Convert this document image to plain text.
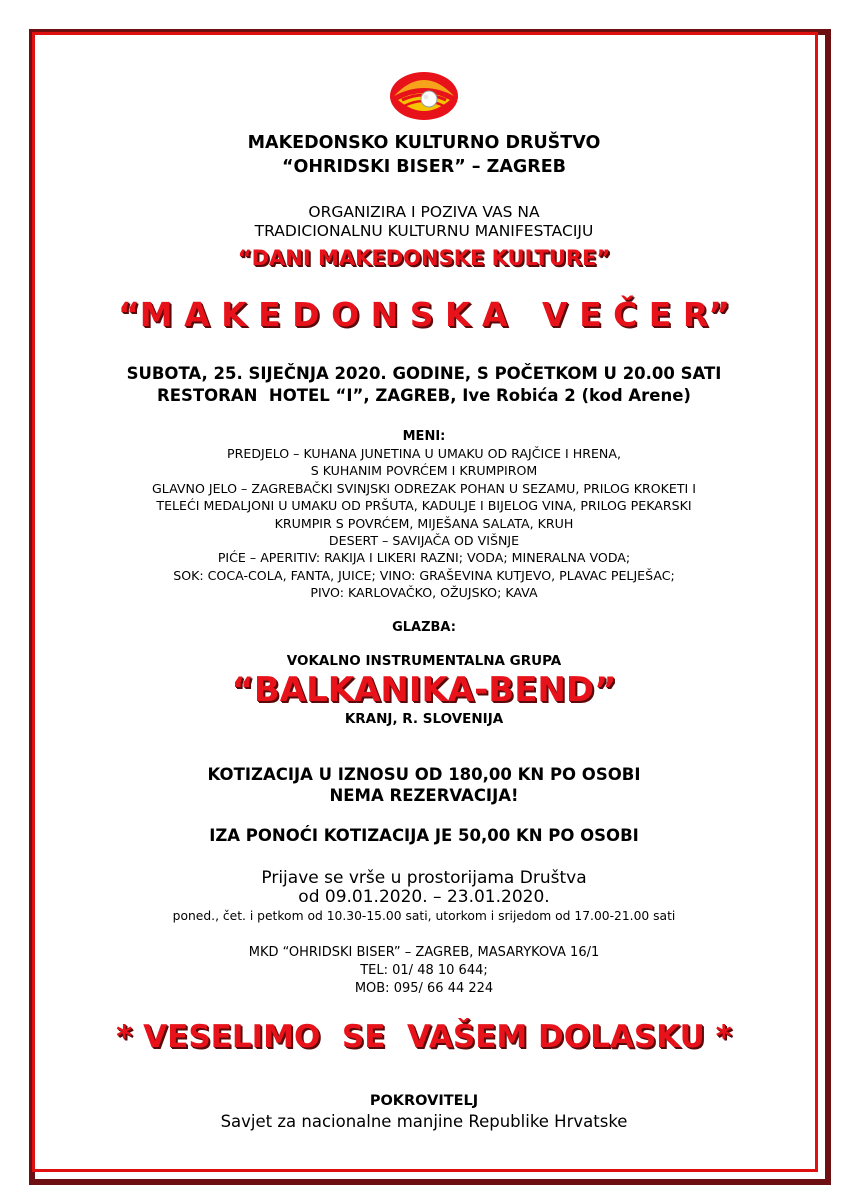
MAKEDONSKO KULTURNO DRUŠTVO
“OHRIDSKI BISER” – ZAGREB
ORGANIZIRA I POZIVA VAS NA
TRADICIONALNU KULTURNU MANIFESTACIJU
“DANI MAKEDONSKE KULTURE”
“M A K E D O N S K A   V E Č E R”
SUBOTA, 25. SIJEČNJA 2020. GODINE, S POČETKOM U 20.00 SATI
RESTORAN  HOTEL “I”, ZAGREB, Ive Robića 2 (kod Arene)
MENI:
PREDJELO – KUHANA JUNETINA U UMAKU OD RAJČICE I HRENA,
S KUHANIM POVRĆEM I KRUMPIROM
GLAVNO JELO – ZAGREBAČKI SVINJSKI ODREZAK POHAN U SEZAMU, PRILOG KROKETI I
TELEĆI MEDALJONI U UMAKU OD PRŠUTA, KADULJE I BIJELOG VINA, PRILOG PEKARSKI
KRUMPIR S POVRĆEM, MIJEŠANA SALATA, KRUH
DESERT – SAVIJAČA OD VIŠNJE
PIĆE – APERITIV: RAKIJA I LIKERI RAZNI; VODA; MINERALNA VODA;
SOK: COCA-COLA, FANTA, JUICE; VINO: GRAŠEVINA KUTJEVO, PLAVAC PELJEŠAC;
PIVO: KARLOVAČKO, OŽUJSKO; KAVA
GLAZBA:
VOKALNO INSTRUMENTALNA GRUPA
“BALKANIKA-BEND”
KRANJ, R. SLOVENIJA
KOTIZACIJA U IZNOSU OD 180,00 KN PO OSOBI
NEMA REZERVACIJA!
IZA PONOĆI KOTIZACIJA JE 50,00 KN PO OSOBI
Prijave se vrše u prostorijama Društva
od 09.01.2020. – 23.01.2020.
poned., čet. i petkom od 10.30-15.00 sati, utorkom i srijedom od 17.00-21.00 sati
MKD “OHRIDSKI BISER” – ZAGREB, MASARYKOVA 16/1
TEL: 01/ 48 10 644;
MOB: 095/ 66 44 224
* VESELIMO  SE  VAŠEM DOLASKU *
POKROVITELJ
Savjet za nacionalne manjine Republike Hrvatske
